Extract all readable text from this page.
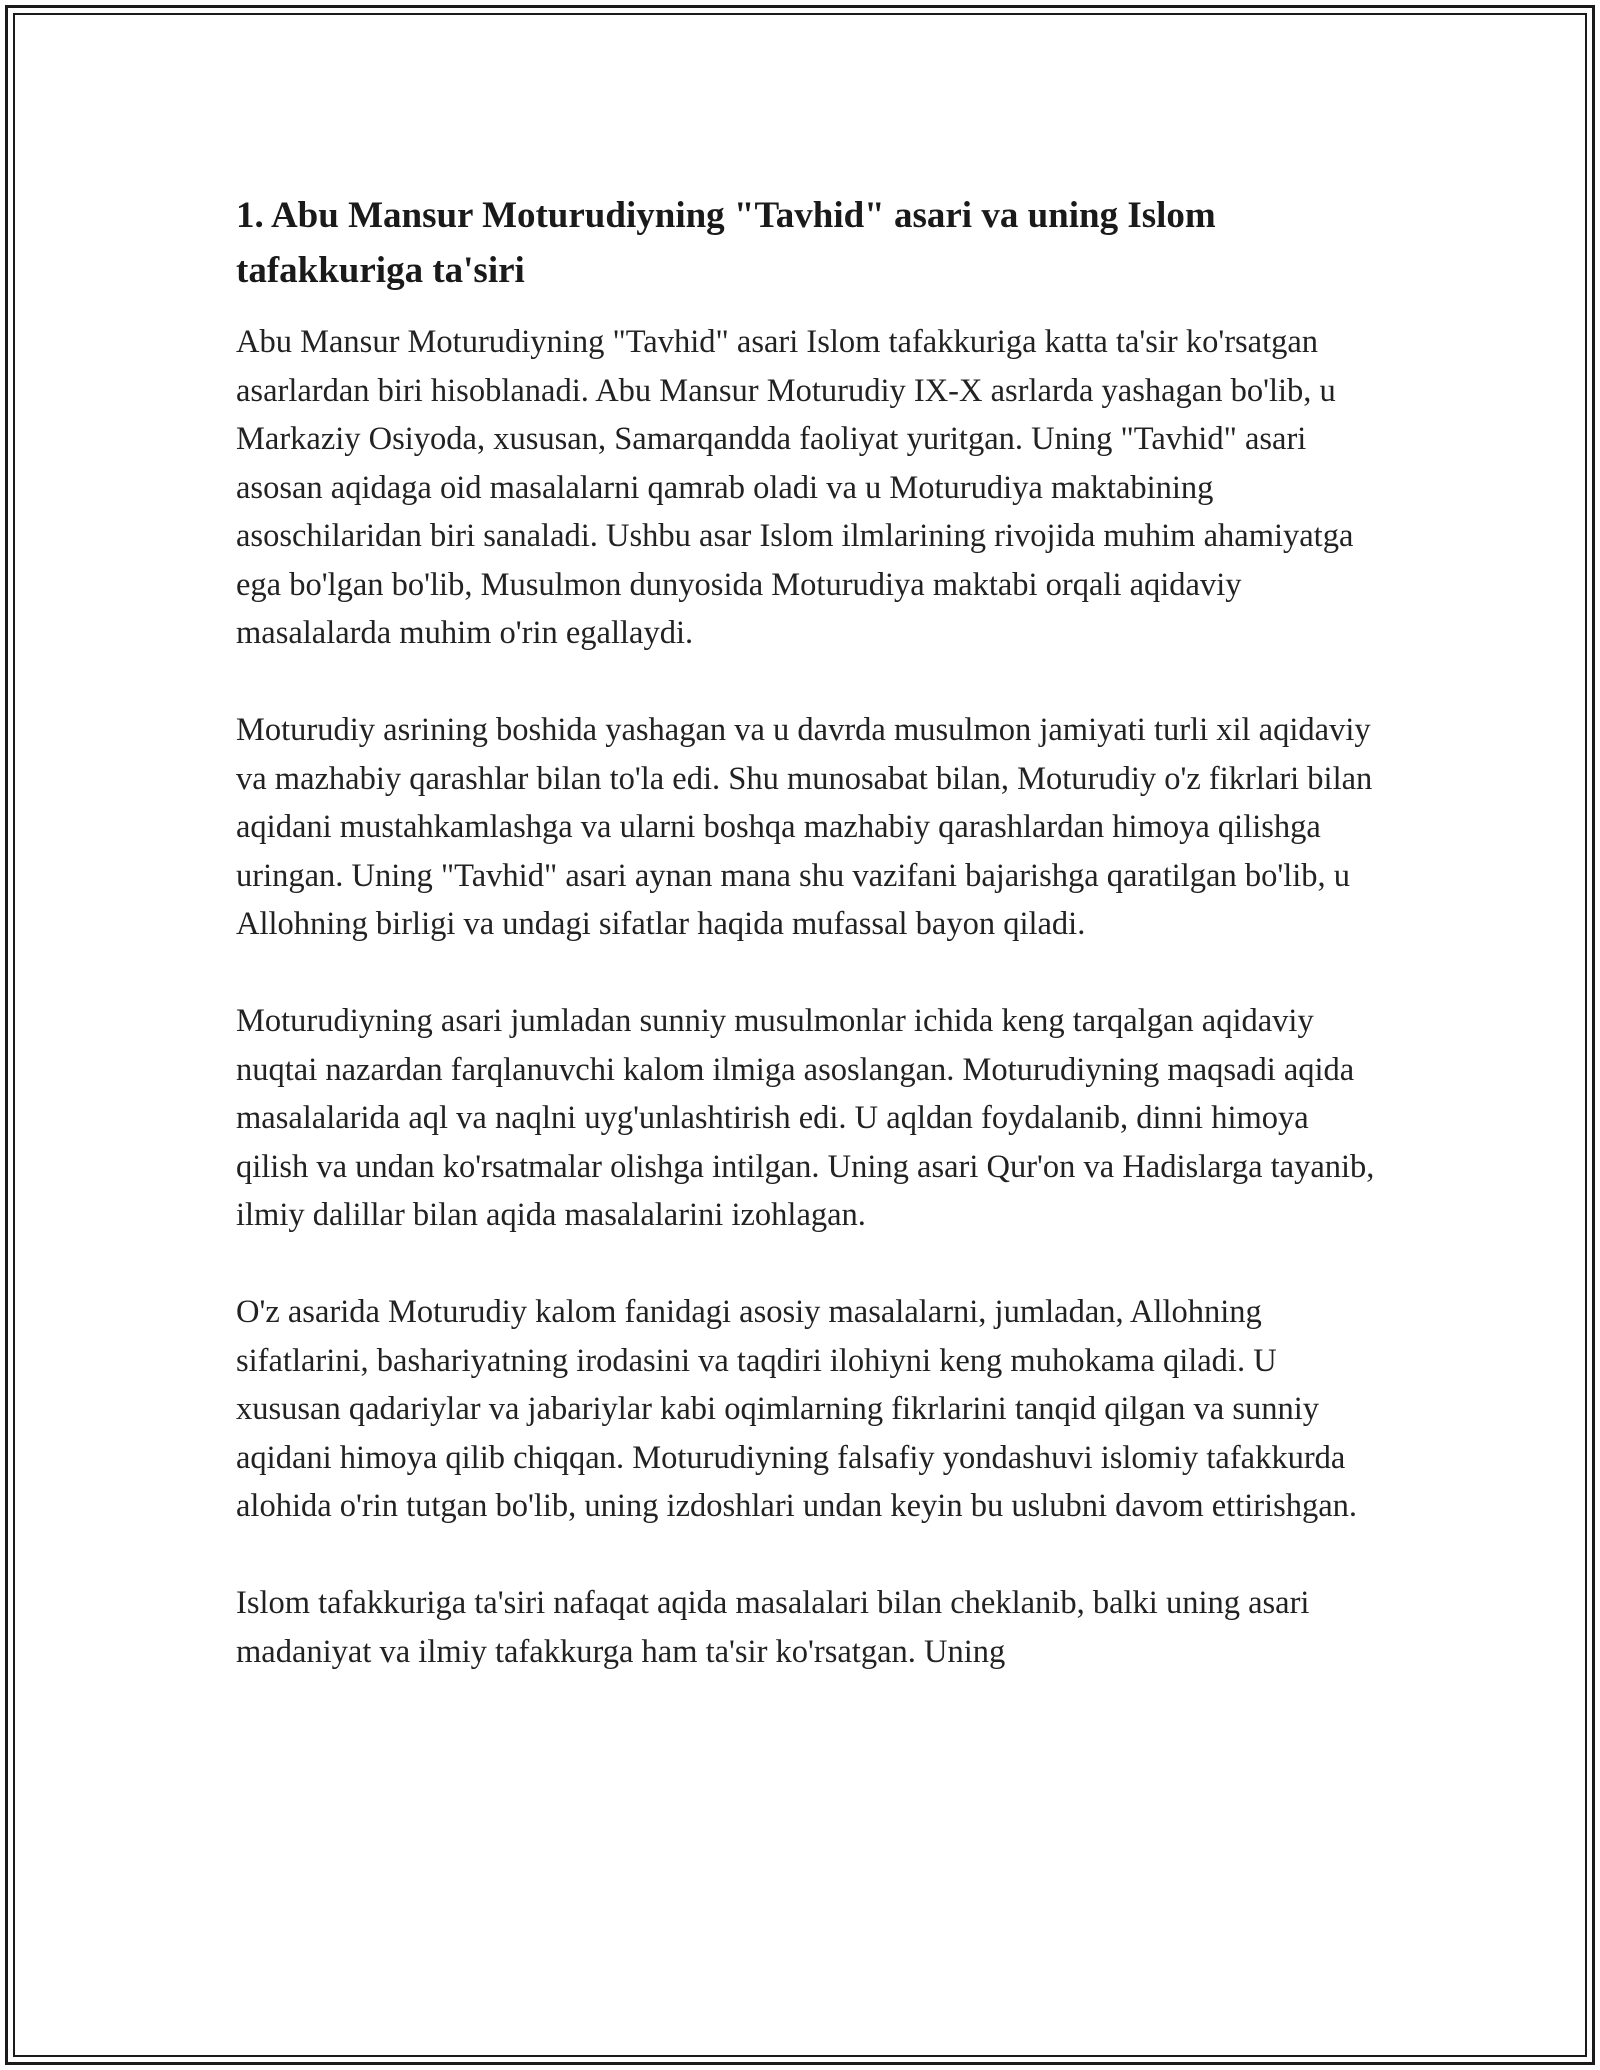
1. Abu Mansur Moturudiyning "Tavhid" asari va uning Islom tafakkuriga ta'siri

Abu Mansur Moturudiyning "Tavhid" asari Islom tafakkuriga katta ta'sir ko'rsatgan asarlardan biri hisoblanadi. Abu Mansur Moturudiy IX-X asrlarda yashagan bo'lib, u Markaziy Osiyoda, xususan, Samarqandda faoliyat yuritgan. Uning "Tavhid" asari asosan aqidaga oid masalalarni qamrab oladi va u Moturudiya maktabining asoschilaridan biri sanaladi. Ushbu asar Islom ilmlarining rivojida muhim ahamiyatga ega bo'lgan bo'lib, Musulmon dunyosida Moturudiya maktabi orqali aqidaviy masalalarda muhim o'rin egallaydi.

Moturudiy asrining boshida yashagan va u davrda musulmon jamiyati turli xil aqidaviy va mazhabiy qarashlar bilan to'la edi. Shu munosabat bilan, Moturudiy o'z fikrlari bilan aqidani mustahkamlashga va ularni boshqa mazhabiy qarashlardan himoya qilishga uringan. Uning "Tavhid" asari aynan mana shu vazifani bajarishga qaratilgan bo'lib, u Allohning birligi va undagi sifatlar haqida mufassal bayon qiladi.

Moturudiyning asari jumladan sunniy musulmonlar ichida keng tarqalgan aqidaviy nuqtai nazardan farqlanuvchi kalom ilmiga asoslangan. Moturudiyning maqsadi aqida masalalarida aql va naqlni uyg'unlashtirish edi. U aqldan foydalanib, dinni himoya qilish va undan ko'rsatmalar olishga intilgan. Uning asari Qur'on va Hadislarga tayanib, ilmiy dalillar bilan aqida masalalarini izohlagan.

O'z asarida Moturudiy kalom fanidagi asosiy masalalarni, jumladan, Allohning sifatlarini, bashariyatning irodasini va taqdiri ilohiyni keng muhokama qiladi. U xususan qadariylar va jabariylar kabi oqimlarning fikrlarini tanqid qilgan va sunniy aqidani himoya qilib chiqqan. Moturudiyning falsafiy yondashuvi islomiy tafakkurda alohida o'rin tutgan bo'lib, uning izdoshlari undan keyin bu uslubni davom ettirishgan.

Islom tafakkuriga ta'siri nafaqat aqida masalalari bilan cheklanib, balki uning asari madaniyat va ilmiy tafakkurga ham ta'sir ko'rsatgan. Uning
